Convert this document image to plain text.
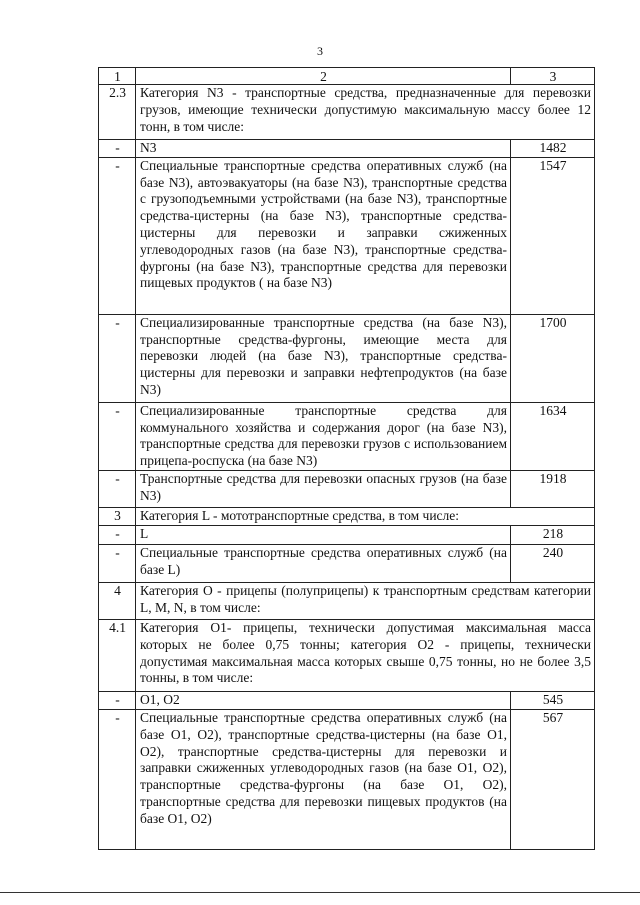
3
1	2	3
2.3	Категория N3 - транспортные средства, предназначенные для перевозки грузов, имеющие технически допустимую максимальную массу более 12 тонн, в том числе:	
-	N3	1482
-	Специальные транспортные средства оперативных служб (на базе N3), автоэвакуаторы (на базе N3), транспортные средства с грузоподъемными устройствами (на базе N3), транспортные средства-цистерны (на базе N3), транспортные средства-цистерны для перевозки и заправки сжиженных углеводородных газов (на базе N3), транспортные средства-фургоны (на базе N3), транспортные средства для перевозки пищевых продуктов ( на базе N3)	1547
-	Специализированные транспортные средства (на базе N3), транспортные средства-фургоны, имеющие места для перевозки людей (на базе N3), транспортные средства-цистерны для перевозки и заправки нефтепродуктов (на базе N3)	1700
-	Специализированные транспортные средства для коммунального хозяйства и содержания дорог (на базе N3), транспортные средства для перевозки грузов с использованием прицепа-роспуска (на базе N3)	1634
-	Транспортные средства для перевозки опасных грузов (на базе N3)	1918
3	Категория L - мототранспортные средства, в том числе:	
-	L	218
-	Специальные транспортные средства оперативных служб (на базе L)	240
4	Категория О - прицепы (полуприцепы) к транспортным средствам категории L, M, N, в том числе:	
4.1	Категория О1- прицепы, технически допустимая максимальная масса которых не более 0,75 тонны; категория О2 - прицепы, технически допустимая максимальная масса которых свыше 0,75 тонны, но не более 3,5 тонны, в том числе:	
-	О1, О2	545
-	Специальные транспортные средства оперативных служб (на базе О1, О2), транспортные средства-цистерны (на базе О1, О2), транспортные средства-цистерны для перевозки и заправки сжиженных углеводородных газов (на базе О1, О2), транспортные средства-фургоны (на базе О1, О2), транспортные средства для перевозки пищевых продуктов (на базе О1, О2)	567
